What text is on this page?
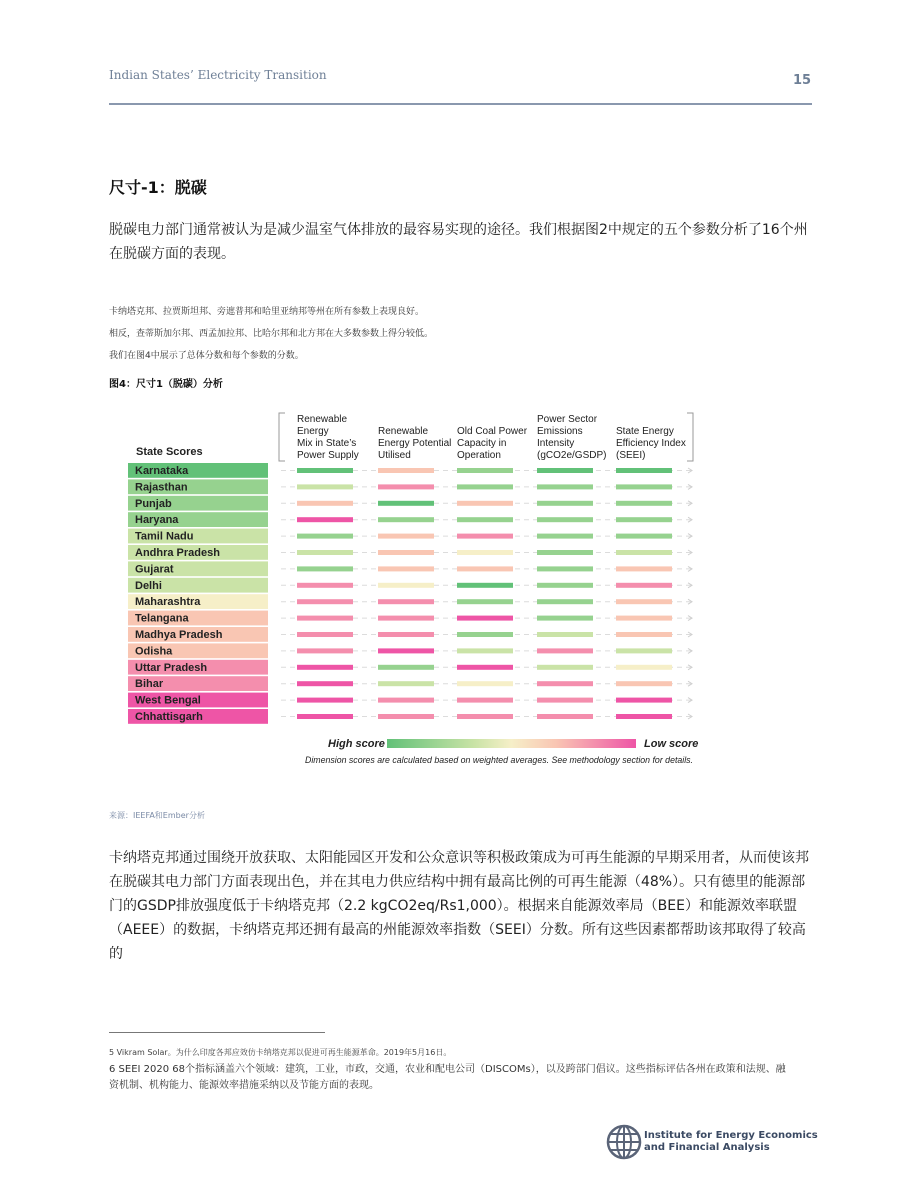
Indian States’ Electricity Transition	15
尺寸-1：脱碳
脱碳电力部门通常被认为是减少温室气体排放的最容易实现的途径。我们根据图2中规定的五个参数分析了16个州在脱碳方面的表现。
卡纳塔克邦、拉贾斯坦邦、旁遮普邦和哈里亚纳邦等州在所有参数上表现良好。
相反，查蒂斯加尔邦、西孟加拉邦、比哈尔邦和北方邦在大多数参数上得分较低。
我们在图4中展示了总体分数和每个参数的分数。
图4：尺寸1（脱碳）分析
State Scores
Renewable
Energy
Mix in State’s
Power Supply
Renewable
Energy Potential
Utilised
Old Coal Power
Capacity in
Operation
Power Sector
Emissions
Intensity
(gCO2e/GSDP)
State Energy
Efficiency Index
(SEEI)
Karnataka
Rajasthan
Punjab
Haryana
Tamil Nadu
Andhra Pradesh
Gujarat
Delhi
Maharashtra
Telangana
Madhya Pradesh
Odisha
Uttar Pradesh
Bihar
West Bengal
Chhattisgarh
High score	Low score
Dimension scores are calculated based on weighted averages. See methodology section for details.
来源：IEEFA和Ember分析
卡纳塔克邦通过围绕开放获取、太阳能园区开发和公众意识等积极政策成为可再生能源的早期采用者，从而使该邦在脱碳其电力部门方面表现出色，并在其电力供应结构中拥有最高比例的可再生能源（48%）。只有德里的能源部门的GSDP排放强度低于卡纳塔克邦（2.2 kgCO2eq/Rs1,000）。根据来自能源效率局（BEE）和能源效率联盟（AEEE）的数据，卡纳塔克邦还拥有最高的州能源效率指数（SEEI）分数。所有这些因素都帮助该邦取得了较高的
5 Vikram Solar。为什么印度各邦应效仿卡纳塔克邦以促进可再生能源革命。2019年5月16日。
6 SEEI 2020 68个指标涵盖六个领域：建筑，工业，市政，交通，农业和配电公司（DISCOMs），以及跨部门倡议。这些指标评估各州在政策和法规、融资机制、机构能力、能源效率措施采纳以及节能方面的表现。
Institute for Energy Economics
and Financial Analysis
